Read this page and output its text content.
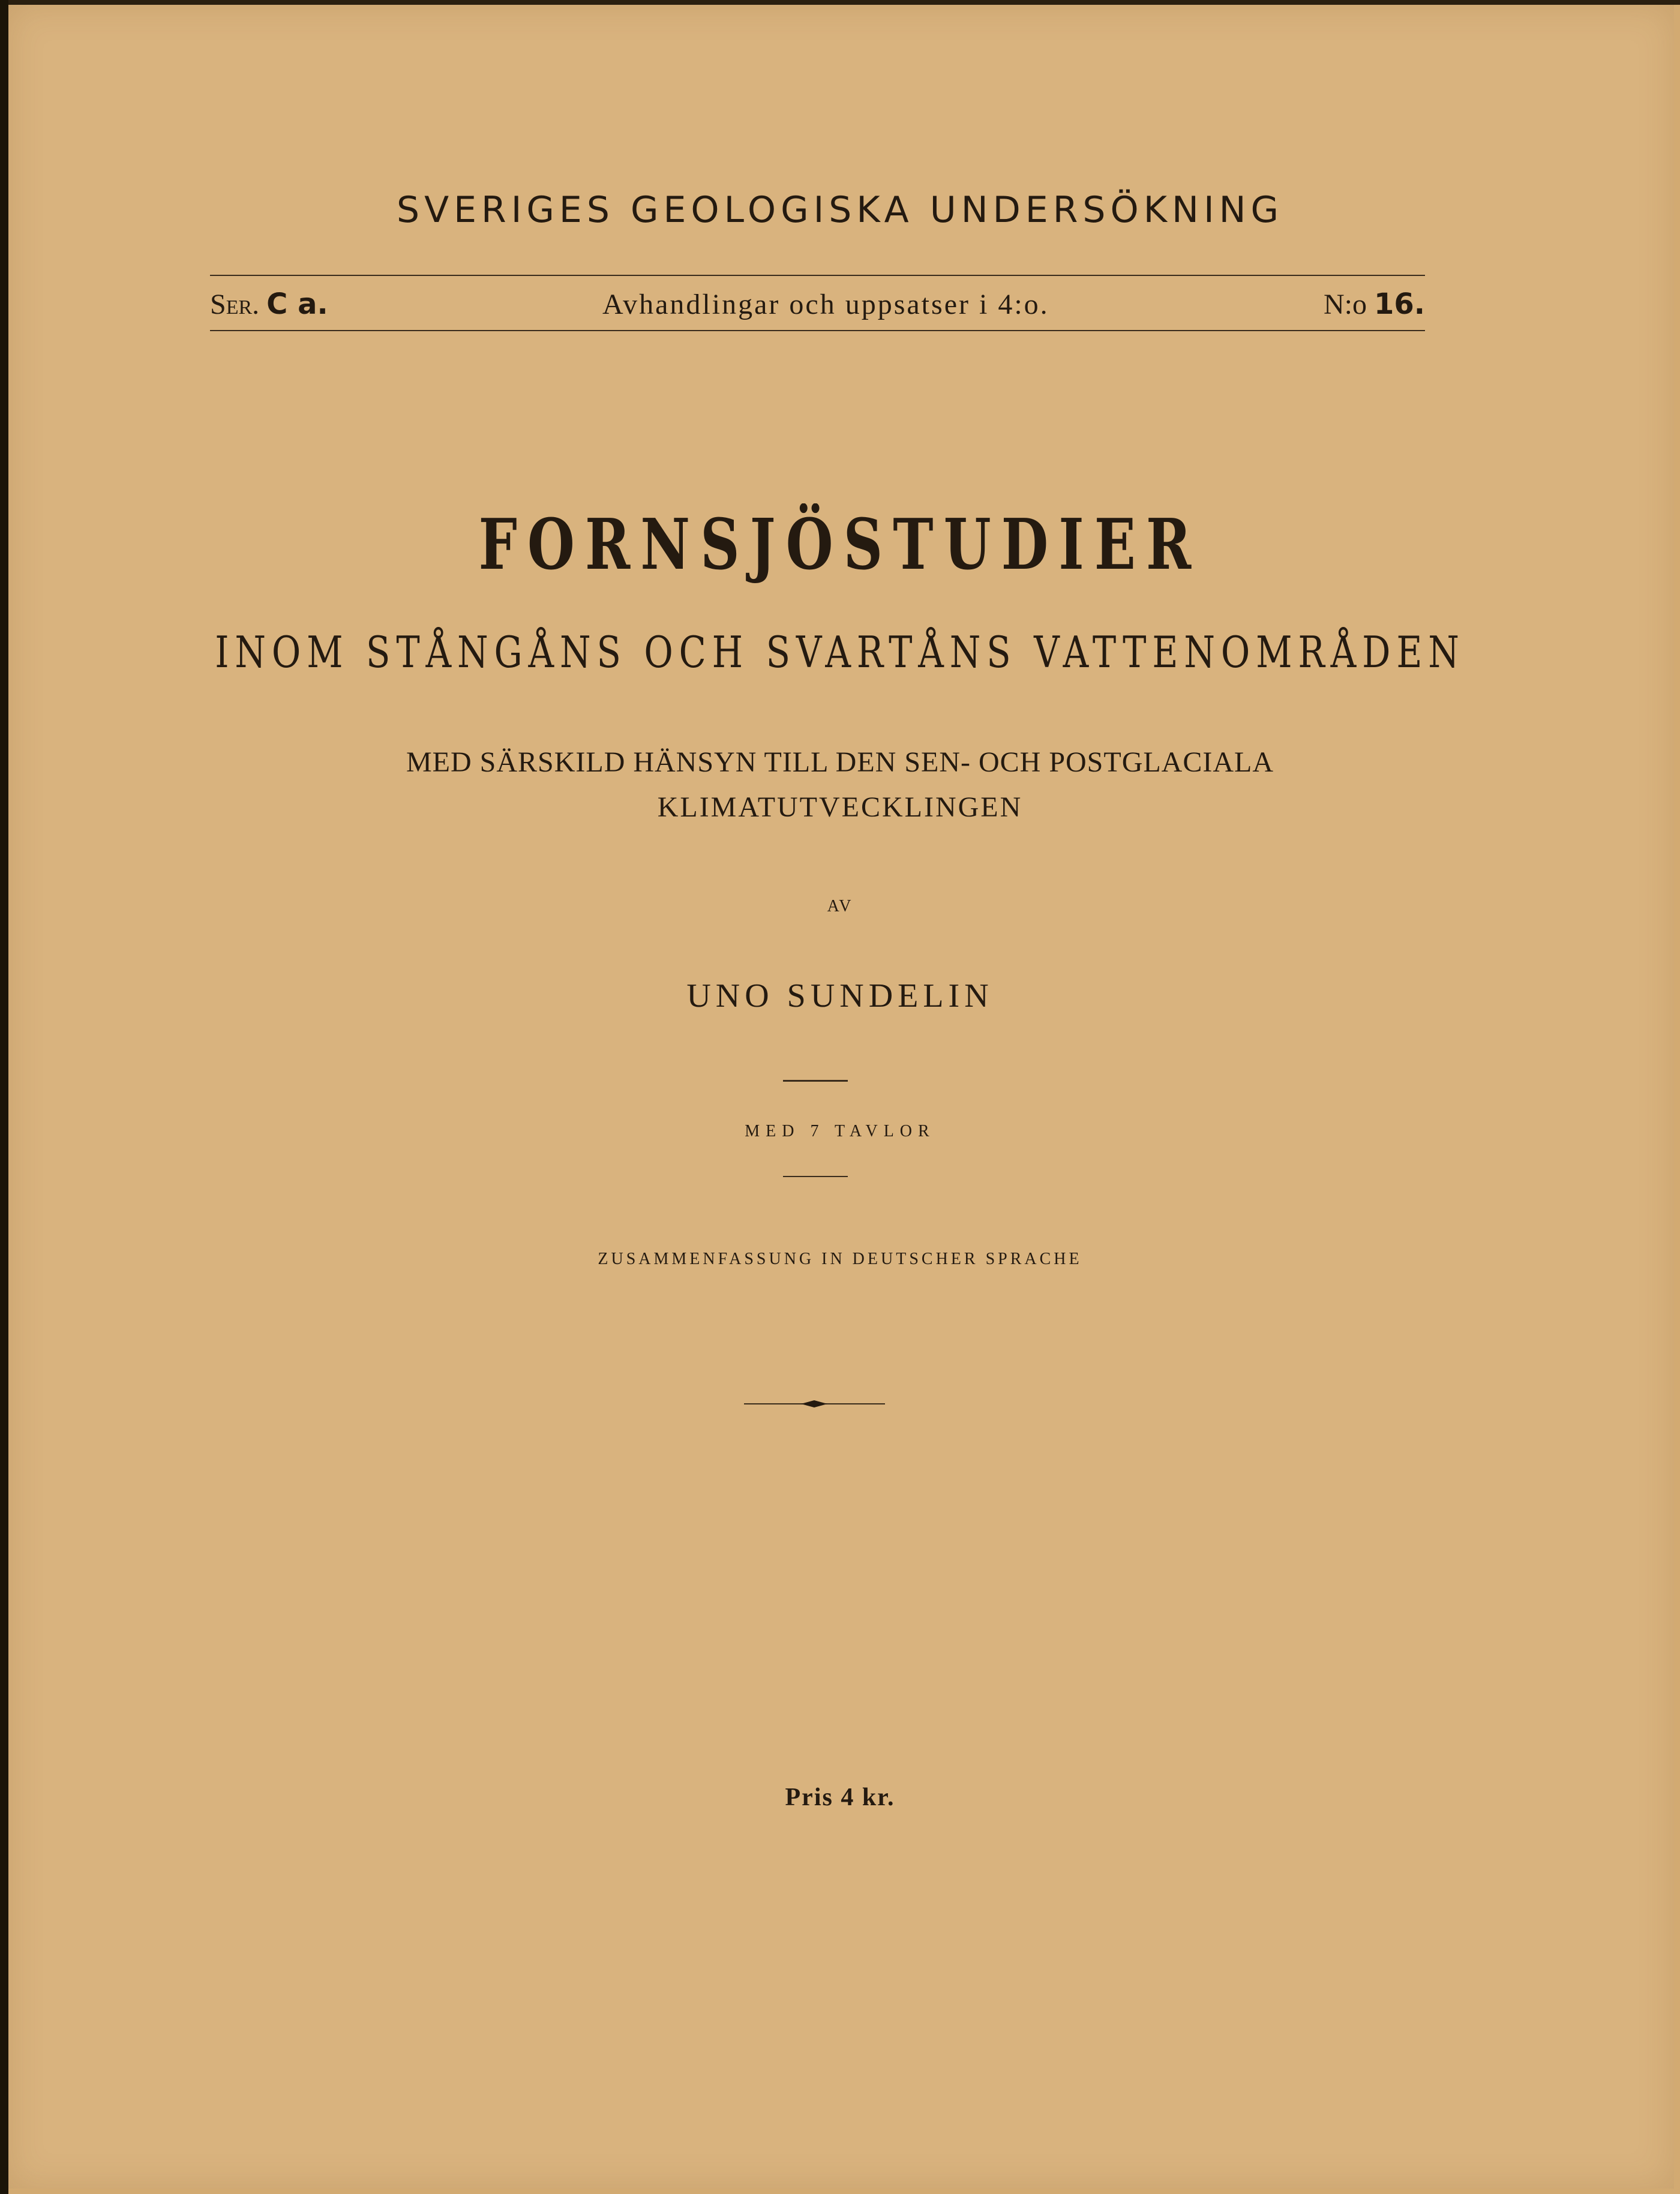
SVERIGES GEOLOGISKA UNDERSÖKNING
Ser. C a.	Avhandlingar och uppsatser i 4:o.	N:o 16.
FORNSJÖSTUDIER
INOM STÅNGÅNS OCH SVARTÅNS VATTENOMRÅDEN
MED SÄRSKILD HÄNSYN TILL DEN SEN- OCH POSTGLACIALA
KLIMATUTVECKLINGEN
AV
UNO SUNDELIN
MED 7 TAVLOR
ZUSAMMENFASSUNG IN DEUTSCHER SPRACHE
Pris 4 kr.
